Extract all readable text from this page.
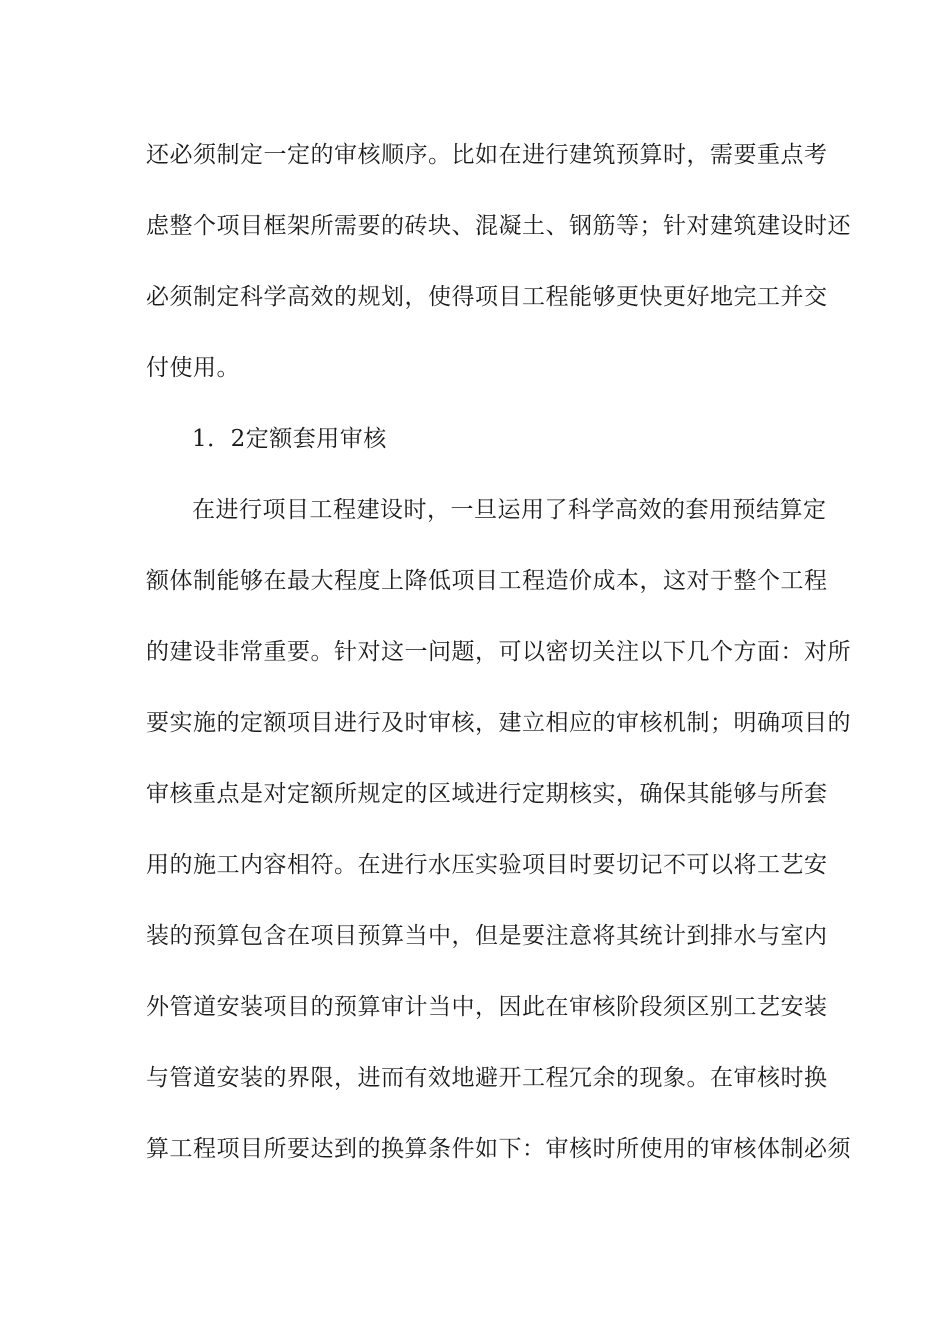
还必须制定一定的审核顺序。比如在进行建筑预算时，需要重点考
虑整个项目框架所需要的砖块、混凝土、钢筋等；针对建筑建设时还
必须制定科学高效的规划，使得项目工程能够更快更好地完工并交
付使用。
1．2定额套用审核
在进行项目工程建设时，一旦运用了科学高效的套用预结算定
额体制能够在最大程度上降低项目工程造价成本，这对于整个工程
的建设非常重要。针对这一问题，可以密切关注以下几个方面：对所
要实施的定额项目进行及时审核，建立相应的审核机制；明确项目的
审核重点是对定额所规定的区域进行定期核实，确保其能够与所套
用的施工内容相符。在进行水压实验项目时要切记不可以将工艺安
装的预算包含在项目预算当中，但是要注意将其统计到排水与室内
外管道安装项目的预算审计当中，因此在审核阶段须区别工艺安装
与管道安装的界限，进而有效地避开工程冗余的现象。在审核时换
算工程项目所要达到的换算条件如下：审核时所使用的审核体制必须
